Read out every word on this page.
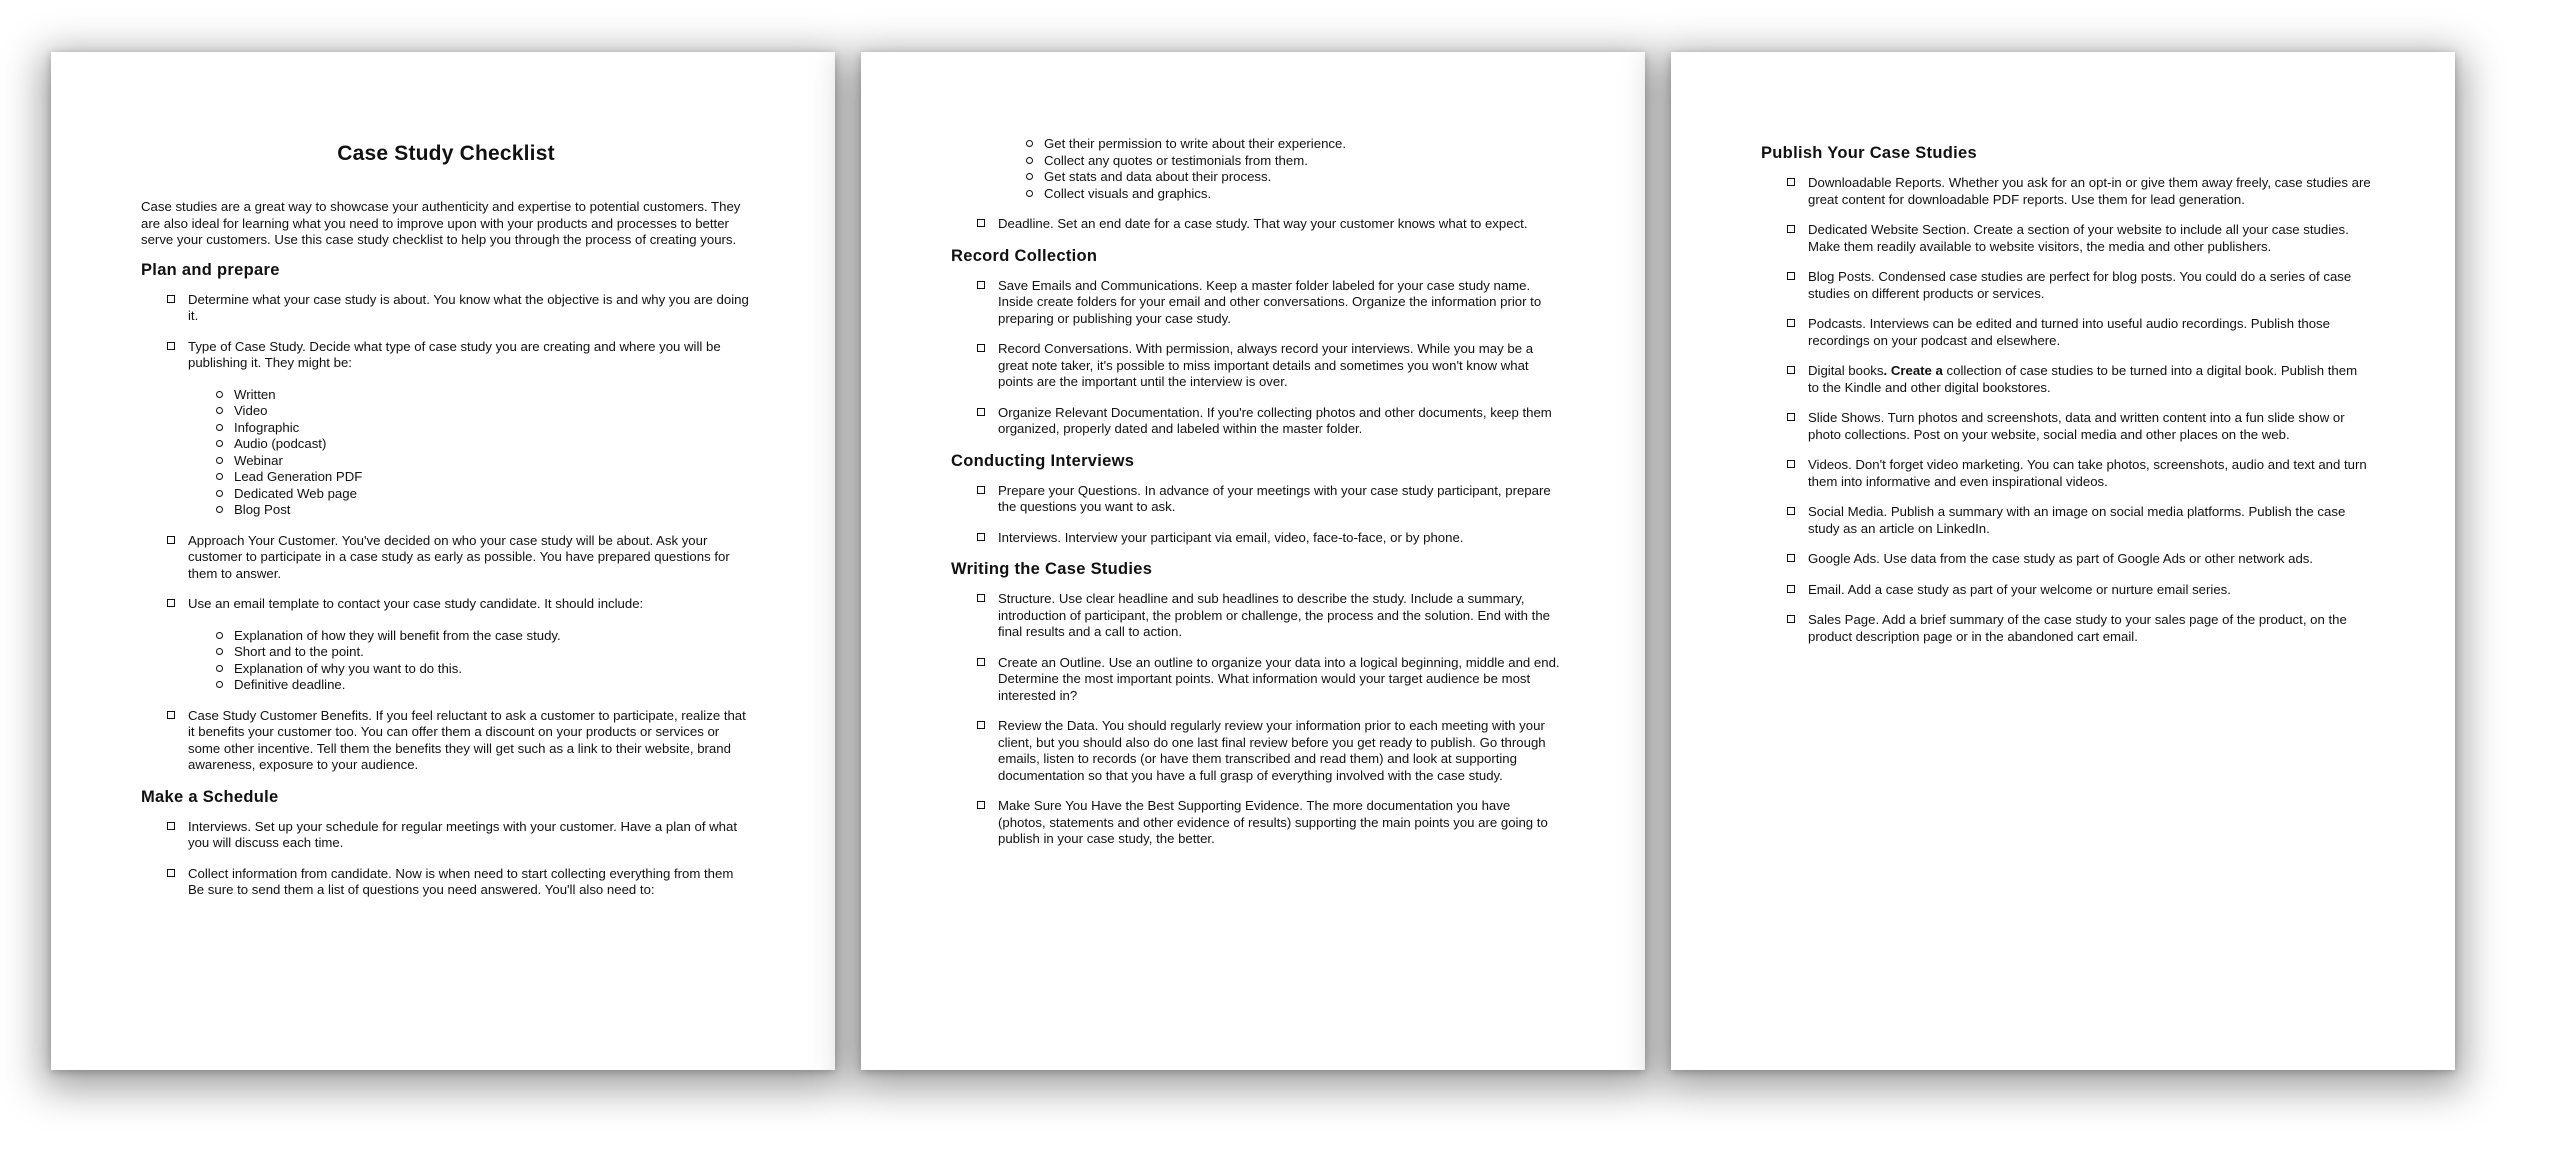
Case Study Checklist

Case studies are a great way to showcase your authenticity and expertise to potential customers. They are also ideal for learning what you need to improve upon with your products and processes to better serve your customers. Use this case study checklist to help you through the process of creating yours.

Plan and prepare
Determine what your case study is about. You know what the objective is and why you are doing it.
Type of Case Study. Decide what type of case study you are creating and where you will be publishing it. They might be:
Written
Video
Infographic
Audio (podcast)
Webinar
Lead Generation PDF
Dedicated Web page
Blog Post
Approach Your Customer. You've decided on who your case study will be about. Ask your customer to participate in a case study as early as possible. You have prepared questions for them to answer.
Use an email template to contact your case study candidate. It should include:
Explanation of how they will benefit from the case study.
Short and to the point.
Explanation of why you want to do this.
Definitive deadline.
Case Study Customer Benefits. If you feel reluctant to ask a customer to participate, realize that it benefits your customer too. You can offer them a discount on your products or services or some other incentive. Tell them the benefits they will get such as a link to their website, brand awareness, exposure to your audience.
Make a Schedule
Interviews. Set up your schedule for regular meetings with your customer. Have a plan of what you will discuss each time.
Collect information from candidate. Now is when need to start collecting everything from them Be sure to send them a list of questions you need answered. You'll also need to:
Get their permission to write about their experience.
Collect any quotes or testimonials from them.
Get stats and data about their process.
Collect visuals and graphics.
Deadline. Set an end date for a case study. That way your customer knows what to expect.
Record Collection
Save Emails and Communications. Keep a master folder labeled for your case study name. Inside create folders for your email and other conversations. Organize the information prior to preparing or publishing your case study.
Record Conversations. With permission, always record your interviews. While you may be a great note taker, it's possible to miss important details and sometimes you won't know what points are the important until the interview is over.
Organize Relevant Documentation. If you're collecting photos and other documents, keep them organized, properly dated and labeled within the master folder.
Conducting Interviews
Prepare your Questions. In advance of your meetings with your case study participant, prepare the questions you want to ask.
Interviews. Interview your participant via email, video, face-to-face, or by phone.
Writing the Case Studies
Structure. Use clear headline and sub headlines to describe the study. Include a summary, introduction of participant, the problem or challenge, the process and the solution. End with the final results and a call to action.
Create an Outline. Use an outline to organize your data into a logical beginning, middle and end. Determine the most important points. What information would your target audience be most interested in?
Review the Data. You should regularly review your information prior to each meeting with your client, but you should also do one last final review before you get ready to publish. Go through emails, listen to records (or have them transcribed and read them) and look at supporting documentation so that you have a full grasp of everything involved with the case study.
Make Sure You Have the Best Supporting Evidence. The more documentation you have (photos, statements and other evidence of results) supporting the main points you are going to publish in your case study, the better.
Publish Your Case Studies
Downloadable Reports. Whether you ask for an opt-in or give them away freely, case studies are great content for downloadable PDF reports. Use them for lead generation.
Dedicated Website Section. Create a section of your website to include all your case studies. Make them readily available to website visitors, the media and other publishers.
Blog Posts. Condensed case studies are perfect for blog posts. You could do a series of case studies on different products or services.
Podcasts. Interviews can be edited and turned into useful audio recordings. Publish those recordings on your podcast and elsewhere.
Digital books. Create a collection of case studies to be turned into a digital book. Publish them to the Kindle and other digital bookstores.
Slide Shows. Turn photos and screenshots, data and written content into a fun slide show or photo collections. Post on your website, social media and other places on the web.
Videos. Don't forget video marketing. You can take photos, screenshots, audio and text and turn them into informative and even inspirational videos.
Social Media. Publish a summary with an image on social media platforms. Publish the case study as an article on LinkedIn.
Google Ads. Use data from the case study as part of Google Ads or other network ads.
Email. Add a case study as part of your welcome or nurture email series.
Sales Page. Add a brief summary of the case study to your sales page of the product, on the product description page or in the abandoned cart email.
